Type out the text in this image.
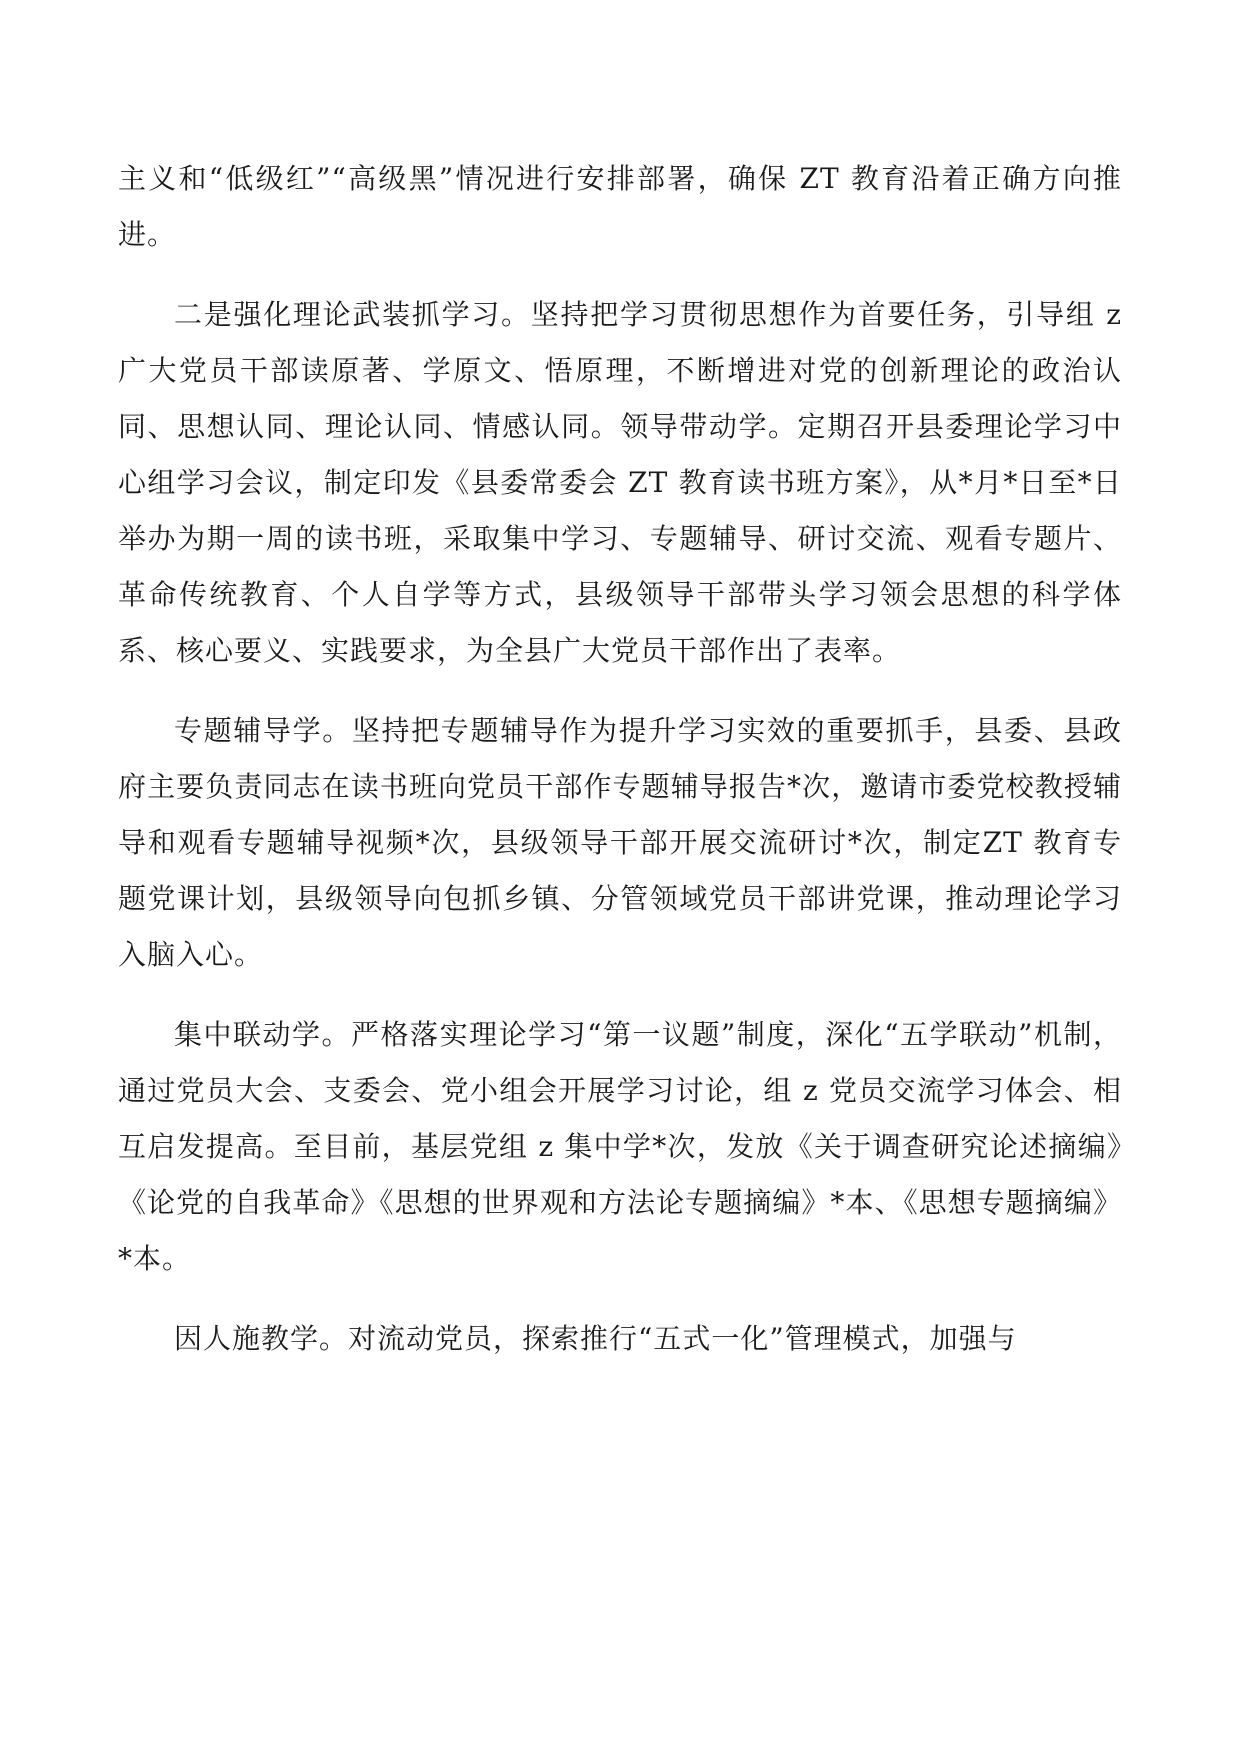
主义和“低级红”“高级黑”情况进行安排部署，确保 ZT 教育沿着正确方向推进。

二是强化理论武装抓学习。坚持把学习贯彻思想作为首要任务，引导组 z 广大党员干部读原著、学原文、悟原理，不断增进对党的创新理论的政治认同、思想认同、理论认同、情感认同。领导带动学。定期召开县委理论学习中心组学习会议，制定印发《县委常委会 ZT 教育读书班方案》，从*月*日至*日举办为期一周的读书班，采取集中学习、专题辅导、研讨交流、观看专题片、革命传统教育、个人自学等方式，县级领导干部带头学习领会思想的科学体系、核心要义、实践要求，为全县广大党员干部作出了表率。

专题辅导学。坚持把专题辅导作为提升学习实效的重要抓手，县委、县政府主要负责同志在读书班向党员干部作专题辅导报告*次，邀请市委党校教授辅导和观看专题辅导视频*次，县级领导干部开展交流研讨*次，制定ZT 教育专题党课计划，县级领导向包抓乡镇、分管领域党员干部讲党课，推动理论学习入脑入心。

集中联动学。严格落实理论学习“第一议题”制度，深化“五学联动”机制，通过党员大会、支委会、党小组会开展学习讨论，组 z 党员交流学习体会、相互启发提高。至目前，基层党组 z 集中学*次，发放《关于调查研究论述摘编》《论党的自我革命》《思想的世界观和方法论专题摘编》*本、《思想专题摘编》*本。

因人施教学。对流动党员，探索推行“五式一化”管理模式，加强与
